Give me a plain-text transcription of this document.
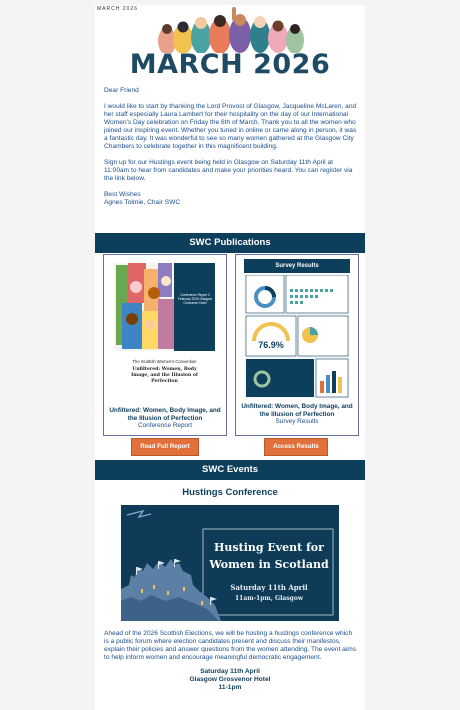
MARCH 2026
MARCH 2026

Dear Friend

I would like to start by thanking the Lord Provost of Glasgow, Jacqueline McLaren, and her staff especially Laura Lambert for their hospitality on the day of our International Women's Day celebration on Friday the 6th of March. Thank you to all the women who joined our inspiring event. Whether you tuned in online or came along in person, it was a fantastic day. It was wonderful to see so many women gathered at the Glasgow City Chambers to celebrate together in this magnificent building.

Sign up for our Hustings event being held in Glasgow on Saturday 11th April at 11:00am to hear from candidates and make your priorities heard. You can register via the link below.

Best Wishes

Agnes Tolmie, Chair SWC

SWC Publications
Conference Report 2 February 2026 Glasgow Grosvenor Hotel
The Scottish Women's Convention
Unfiltered: Women, Body Image, and the Illusion of Perfection
Unfiltered: Women, Body Image, and the Illusion of Perfection
Conference Report
Survey Results
76.9%
Unfiltered: Women, Body Image, and the Illusion of Perfection
Survey Results
Read Full Report	Access Results
SWC Events
Hustings Conference
Husting Event for
Women in Scotland
Saturday 11th April
11am-1pm, Glasgow
Ahead of the 2026 Scottish Elections, we will be hosting a hustings conference which is a public forum where election candidates present and discuss their manifestos, explain their policies and answer questions from the women attending. The event aims to help inform women and encourage meaningful democratic engagement.
Saturday 11th April
Glasgow Grosvenor Hotel
11-1pm
